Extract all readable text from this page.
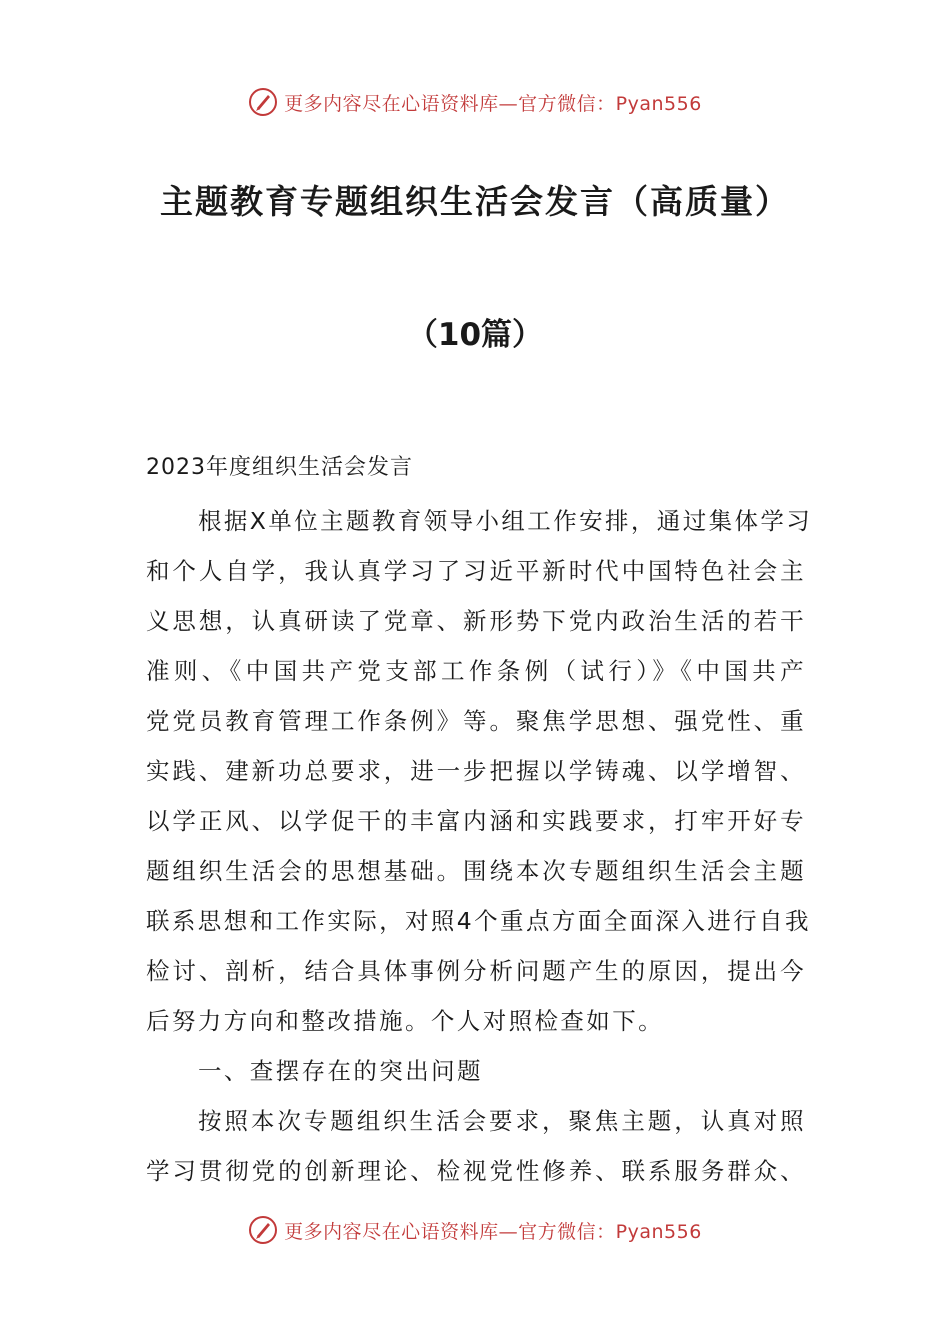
更多内容尽在心语资料库—官方微信：Pyan556
主题教育专题组织生活会发言（高质量）
（10篇）
2023年度组织生活会发言
根据X单位主题教育领导小组工作安排，通过集体学习
和个人自学，我认真学习了习近平新时代中国特色社会主
义思想，认真研读了党章、新形势下党内政治生活的若干
准则、《中国共产党支部工作条例（试行）》《中国共产
党党员教育管理工作条例》等。聚焦学思想、强党性、重
实践、建新功总要求，进一步把握以学铸魂、以学增智、
以学正风、以学促干的丰富内涵和实践要求，打牢开好专
题组织生活会的思想基础。围绕本次专题组织生活会主题
联系思想和工作实际，对照4个重点方面全面深入进行自我
检讨、剖析，结合具体事例分析问题产生的原因，提出今
后努力方向和整改措施。个人对照检查如下。
一、查摆存在的突出问题
按照本次专题组织生活会要求，聚焦主题，认真对照
学习贯彻党的创新理论、检视党性修养、联系服务群众、
更多内容尽在心语资料库—官方微信：Pyan556
